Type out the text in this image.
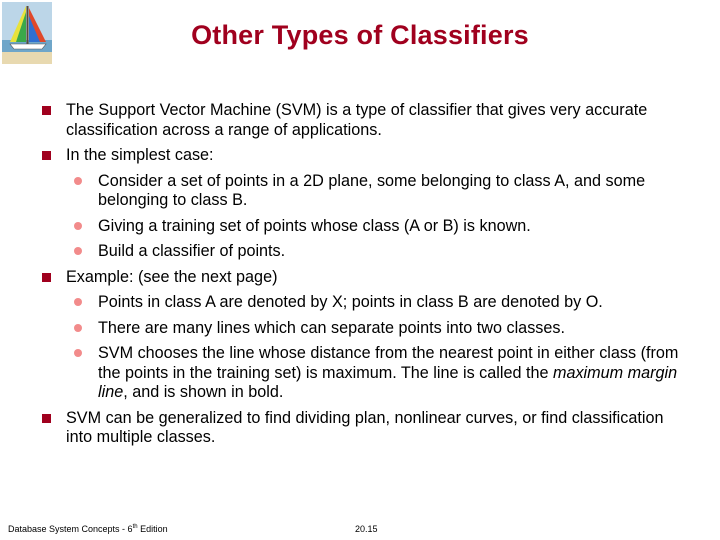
Other Types of Classifiers
The Support Vector Machine (SVM) is a type of classifier that gives very accurate classification across a range of applications.
In the simplest case:
Consider a set of points in a 2D plane, some belonging to class A, and some belonging to class B.
Giving a training set of points whose class (A or B) is known.
Build a classifier of points.
Example: (see the next page)
Points in class A are denoted by X; points in class B are denoted by O.
There are many lines which can separate points into two classes.
SVM chooses the line whose distance from the nearest point in either class (from the points in the training set) is maximum. The line is called the maximum margin line, and is shown in bold.
SVM can be generalized to find dividing plan, nonlinear curves, or find classification into multiple classes.
Database System Concepts - 6th Edition	20.15
